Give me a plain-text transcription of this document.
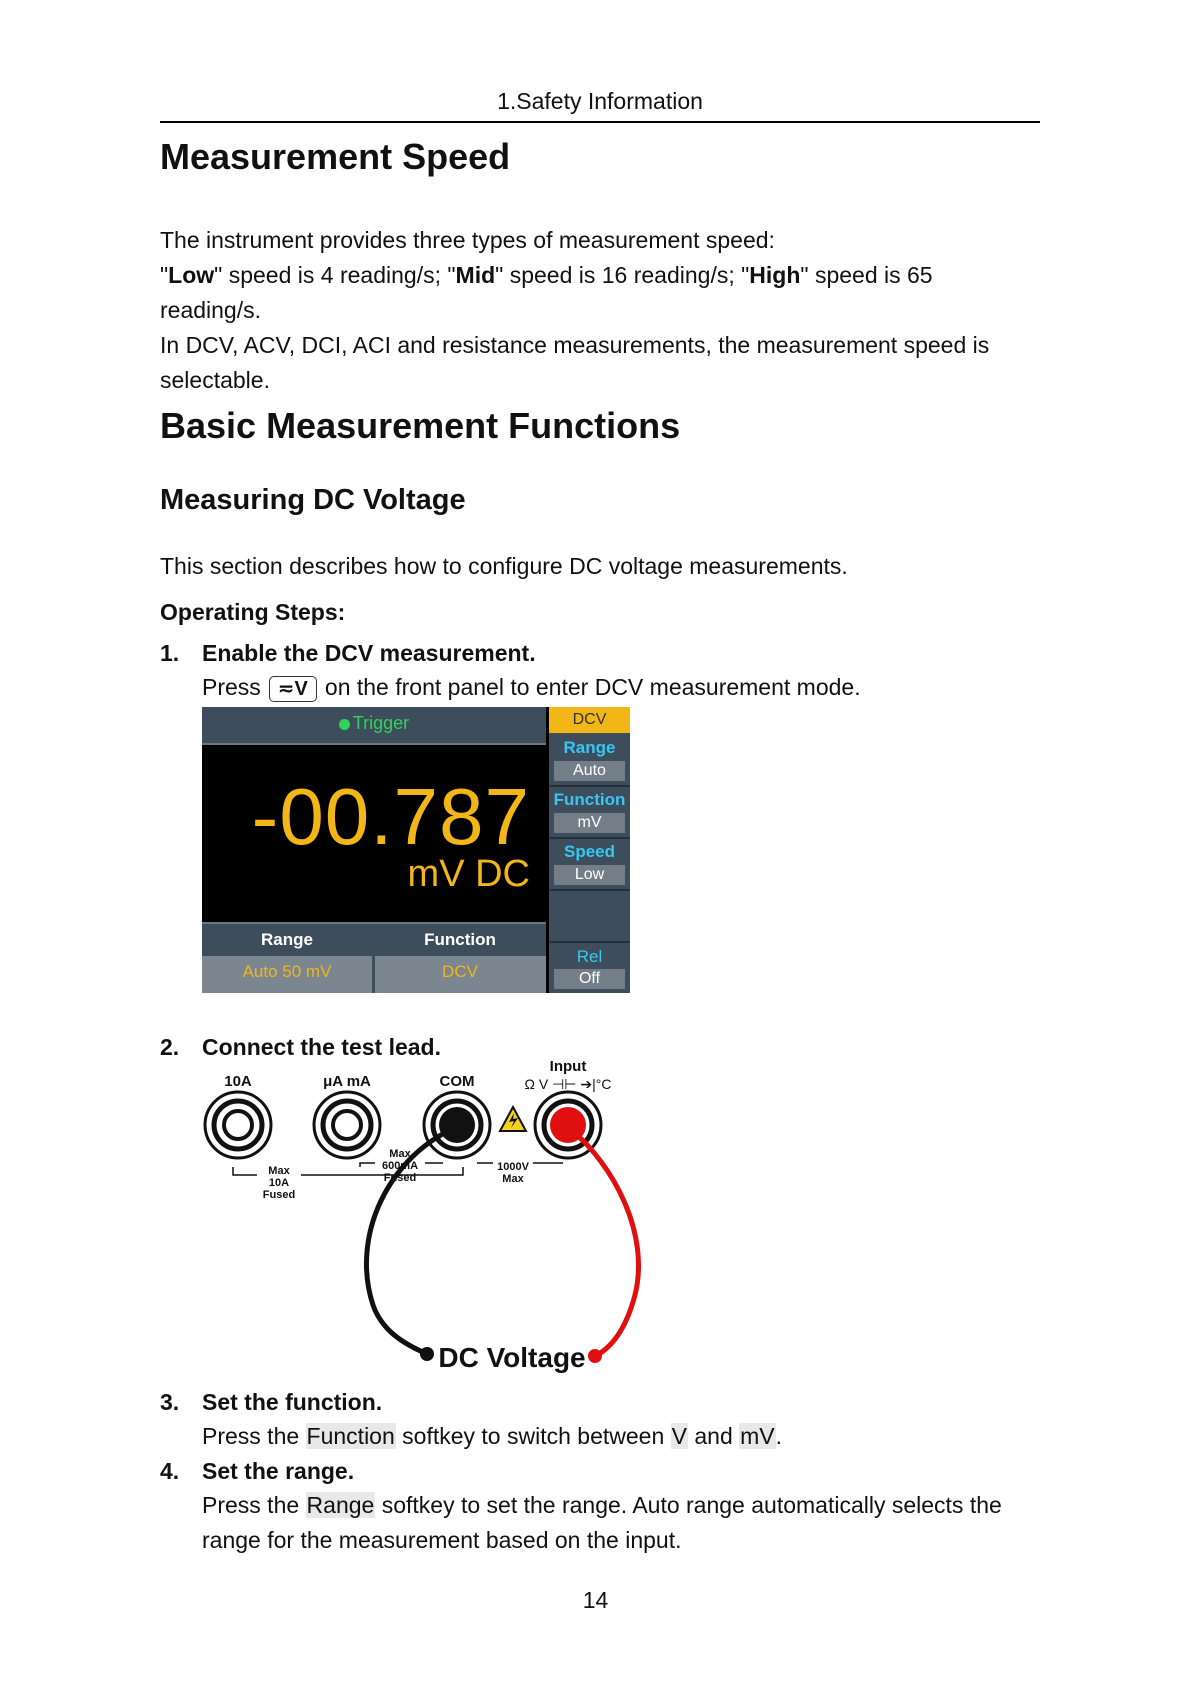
1.Safety Information
Measurement Speed
The instrument provides three types of measurement speed:
"Low" speed is 4 reading/s; "Mid" speed is 16 reading/s; "High" speed is 65
reading/s.
In DCV, ACV, DCI, ACI and resistance measurements, the measurement speed is
selectable.
Basic Measurement Functions
Measuring DC Voltage
This section describes how to configure DC voltage measurements.
Operating Steps:
1. Enable the DCV measurement.
Press ≂V on the front panel to enter DCV measurement mode.
Trigger
-00.787
mV DC
Range	Function
Auto 50 mV	DCV
DCV
Range
Auto
Function
mV
Speed
Low
Rel
Off
2. Connect the test lead.
10A	μA mA	COM
Input
Ω V ⊣⊢ ➔|°C
Max
10A
Fused
Max
600mA
Fused
1000V
Max
DC Voltage
3. Set the function.
Press the Function softkey to switch between V and mV.
4. Set the range.
Press the Range softkey to set the range. Auto range automatically selects the
range for the measurement based on the input.
14
